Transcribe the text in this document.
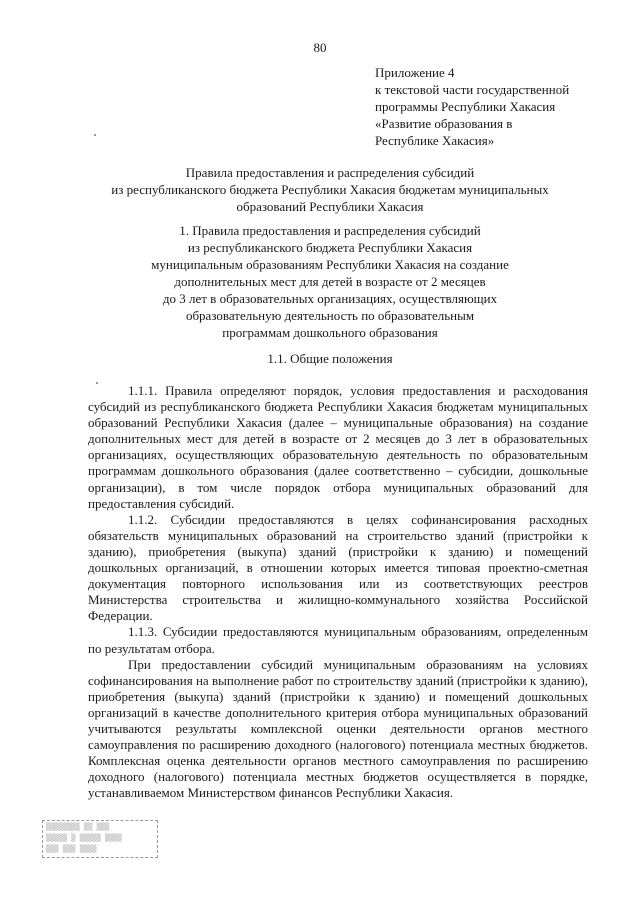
80
Приложение 4
к текстовой части государственной
программы Республики Хакасия
«Развитие образования в
Республике Хакасия»
Правила предоставления и распределения субсидий
из республиканского бюджета Республики Хакасия бюджетам муниципальных
образований Республики Хакасия
1. Правила предоставления и распределения субсидий
из республиканского бюджета Республики Хакасия
муниципальным образованиям Республики Хакасия на создание
дополнительных мест для детей в возрасте от 2 месяцев
до 3 лет в образовательных организациях, осуществляющих
образовательную деятельность по образовательным
программам дошкольного образования
1.1. Общие положения

1.1.1. Правила определяют порядок, условия предоставления и расходования субсидий из республиканского бюджета Республики Хакасия бюджетам муниципальных образований Республики Хакасия (далее – муниципальные образования) на создание дополнительных мест для детей в возрасте от 2 месяцев до 3 лет в образовательных организациях, осуществляющих образовательную деятельность по образовательным программам дошкольного образования (далее соответственно – субсидии, дошкольные организации), в том числе порядок отбора муниципальных образований для предоставления субсидий.

1.1.2. Субсидии предоставляются в целях софинансирования расходных обязательств муниципальных образований на строительство зданий (пристройки к зданию), приобретения (выкупа) зданий (пристройки к зданию) и помещений дошкольных организаций, в отношении которых имеется типовая проектно-сметная документация повторного использования или из соответствующих реестров Министерства строительства и жилищно-коммунального хозяйства Российской Федерации.

1.1.3. Субсидии предоставляются муниципальным образованиям, определенным по результатам отбора.

При предоставлении субсидий муниципальным образованиям на условиях софинансирования на выполнение работ по строительству зданий (пристройки к зданию), приобретения (выкупа) зданий (пристройки к зданию) и помещений дошкольных организаций в качестве дополнительного критерия отбора муниципальных образований учитываются результаты комплексной оценки деятельности органов местного самоуправления по расширению доходного (налогового) потенциала местных бюджетов. Комплексная оценка деятельности органов местного самоуправления по расширению доходного (налогового) потенциала местных бюджетов осуществляется в порядке, устанавливаемом Министерством финансов Республики Хакасия.

▒▒▒▒▒▒▒▒ ▒▒ ▒▒▒
▒▒▒▒▒ ▒ ▒▒▒▒▒ ▒▒▒▒
▒▒▒ ▒▒▒ ▒▒▒▒
